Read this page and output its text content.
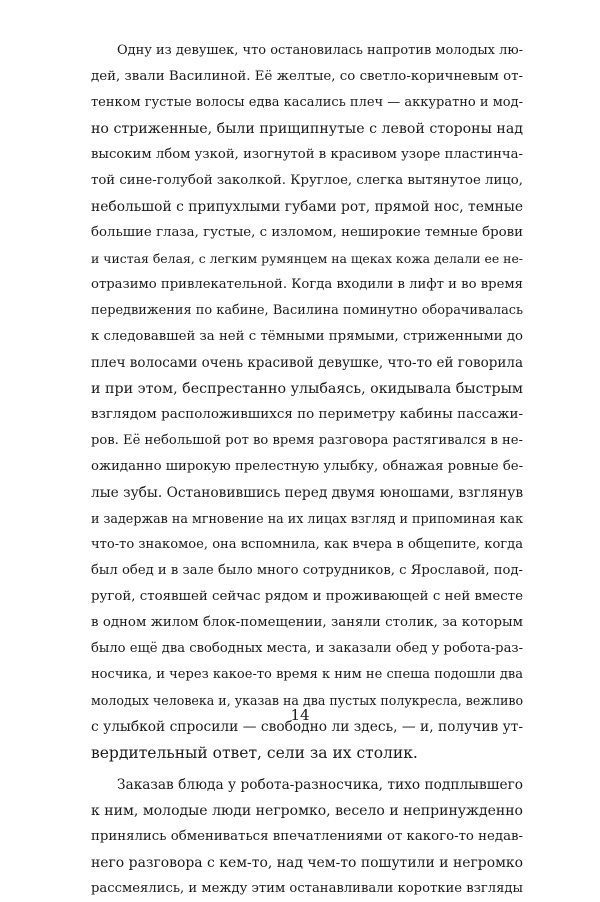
Одну из девушек, что остановилась напротив молодых лю-
дей, звали Василиной. Её желтые, со светло-коричневым от-
тенком густые волосы едва касались плеч — аккуратно и мод-
но стриженные, были прищипнутые с левой стороны над
высоким лбом узкой, изогнутой в красивом узоре пластинча-
той сине-голубой заколкой. Круглое, слегка вытянутое лицо,
небольшой с припухлыми губами рот, прямой нос, темные
большие глаза, густые, с изломом, неширокие темные брови
и чистая белая, с легким румянцем на щеках кожа делали ее не-
отразимо привлекательной. Когда входили в лифт и во время
передвижения по кабине, Василина поминутно оборачивалась
к следовавшей за ней с тёмными прямыми, стриженными до
плеч волосами очень красивой девушке, что-то ей говорила
и при этом, беспрестанно улыбаясь, окидывала быстрым
взглядом расположившихся по периметру кабины пассажи-
ров. Её небольшой рот во время разговора растягивался в не-
ожиданно широкую прелестную улыбку, обнажая ровные бе-
лые зубы. Остановившись перед двумя юношами, взглянув
и задержав на мгновение на их лицах взгляд и припоминая как
что-то знакомое, она вспомнила, как вчера в общепите, когда
был обед и в зале было много сотрудников, с Ярославой, под-
ругой, стоявшей сейчас рядом и проживающей с ней вместе
в одном жилом блок-помещении, заняли столик, за которым
было ещё два свободных места, и заказали обед у робота-раз-
носчика, и через какое-то время к ним не спеша подошли два
молодых человека и, указав на два пустых полукресла, вежливо
с улыбкой спросили — свободно ли здесь, — и, получив ут-
вердительный ответ, сели за их столик.
Заказав блюда у робота-разносчика, тихо подплывшего
к ним, молодые люди негромко, весело и непринужденно
принялись обмениваться впечатлениями от какого-то недав-
него разговора с кем-то, над чем-то пошутили и негромко
рассмеялись, и между этим останавливали короткие взгляды
14
